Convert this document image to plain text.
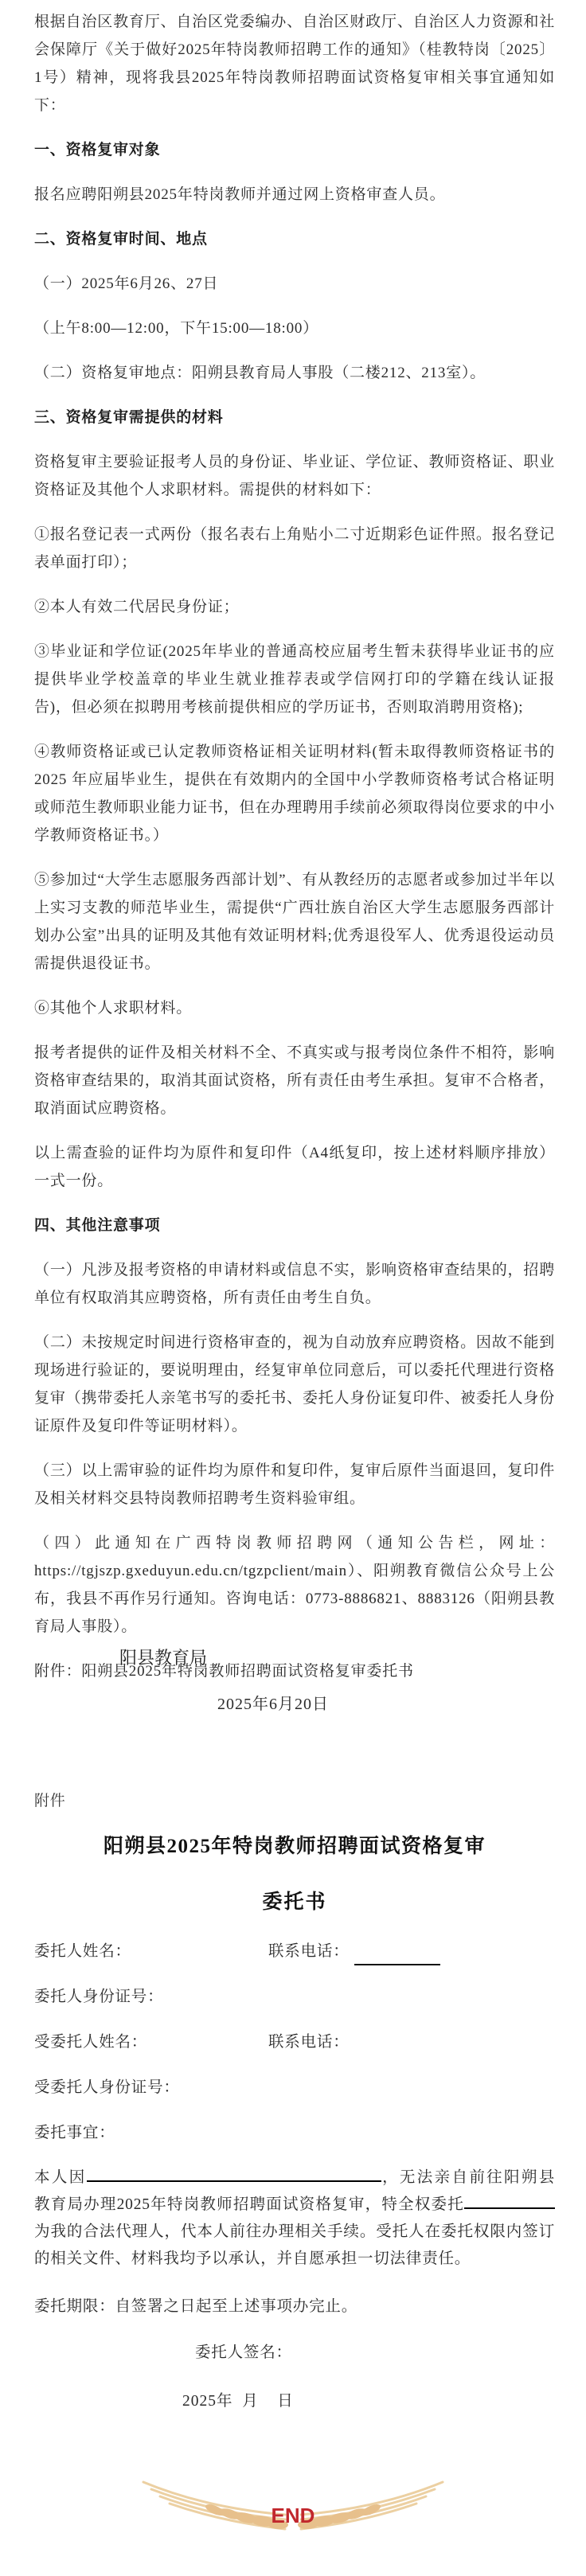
根据自治区教育厅、自治区党委编办、自治区财政厅、自治区人力资源和社会保障厅《关于做好2025年特岗教师招聘工作的通知》（桂教特岗〔2025〕1号）精神，现将我县2025年特岗教师招聘面试资格复审相关事宜通知如下：

一、资格复审对象

报名应聘阳朔县2025年特岗教师并通过网上资格审查人员。

二、资格复审时间、地点

（一）2025年6月26、27日

（上午8:00—12:00，下午15:00—18:00）

（二）资格复审地点：阳朔县教育局人事股（二楼212、213室）。

三、资格复审需提供的材料

资格复审主要验证报考人员的身份证、毕业证、学位证、教师资格证、职业资格证及其他个人求职材料。需提供的材料如下：

①报名登记表一式两份（报名表右上角贴小二寸近期彩色证件照。报名登记表单面打印）；

②本人有效二代居民身份证；

③毕业证和学位证(2025年毕业的普通高校应届考生暂未获得毕业证书的应提供毕业学校盖章的毕业生就业推荐表或学信网打印的学籍在线认证报告)，但必须在拟聘用考核前提供相应的学历证书，否则取消聘用资格);

④教师资格证或已认定教师资格证相关证明材料(暂未取得教师资格证书的2025 年应届毕业生，提供在有效期内的全国中小学教师资格考试合格证明或师范生教师职业能力证书，但在办理聘用手续前必须取得岗位要求的中小学教师资格证书。）

⑤参加过“大学生志愿服务西部计划”、有从教经历的志愿者或参加过半年以上实习支教的师范毕业生，需提供“广西壮族自治区大学生志愿服务西部计划办公室”出具的证明及其他有效证明材料;优秀退役军人、优秀退役运动员需提供退役证书。

⑥其他个人求职材料。

报考者提供的证件及相关材料不全、不真实或与报考岗位条件不相符，影响资格审查结果的，取消其面试资格，所有责任由考生承担。复审不合格者，取消面试应聘资格。

以上需查验的证件均为原件和复印件（A4纸复印，按上述材料顺序排放）一式一份。

四、其他注意事项

（一）凡涉及报考资格的申请材料或信息不实，影响资格审查结果的，招聘单位有权取消其应聘资格，所有责任由考生自负。

（二）未按规定时间进行资格审查的，视为自动放弃应聘资格。因故不能到现场进行验证的，要说明理由，经复审单位同意后，可以委托代理进行资格复审（携带委托人亲笔书写的委托书、委托人身份证复印件、被委托人身份证原件及复印件等证明材料）。

（三）以上需审验的证件均为原件和复印件，复审后原件当面退回，复印件及相关材料交县特岗教师招聘考生资料验审组。

（四）此通知在广西特岗教师招聘网（通知公告栏，网址：https://tgjszp.gxeduyun.edu.cn/tgzpclient/main）、阳朔教育微信公众号上公布，我县不再作另行通知。咨询电话：0773-8886821、8883126（阳朔县教育局人事股）。

附件：阳朔县2025年特岗教师招聘面试资格复审委托书

阳县教育局
2025年6月20日
附件
阳朔县2025年特岗教师招聘面试资格复审
委托书
委托人姓名：	联系电话：
委托人身份证号：
受委托人姓名：	联系电话：
受委托人身份证号：
委托事宜：

本人因	，无法亲自前往阳朔县教育局办理2025年特岗教师招聘面试资格复审，特全权委托为我的合法代理人，代本人前往办理相关手续。受托人在委托权限内签订的相关文件、材料我均予以承认，并自愿承担一切法律责任。

委托期限：自签署之日起至上述事项办完止。
委托人签名：
2025年  月    日
END
